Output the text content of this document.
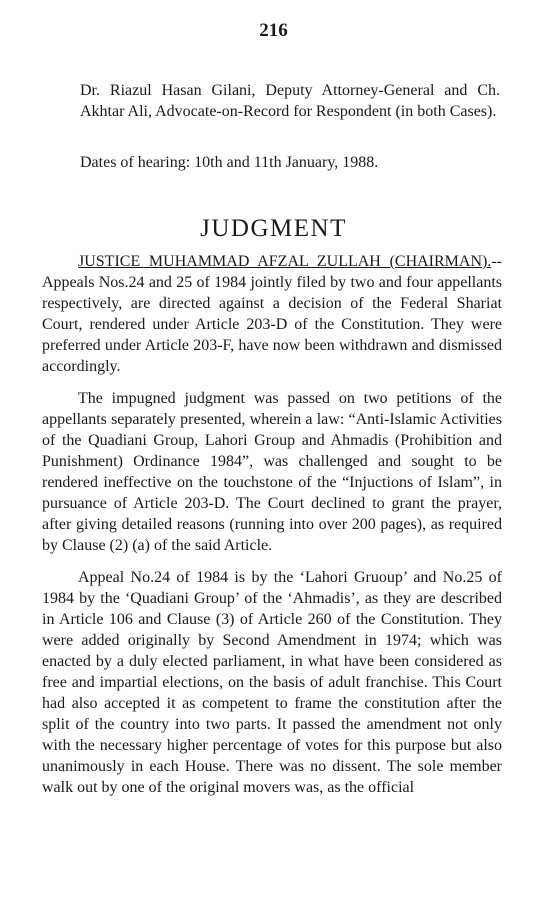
216

Dr. Riazul Hasan Gilani, Deputy Attorney-General and Ch. Akhtar Ali, Advocate-on-Record for Respondent (in both Cases).

Dates of hearing: 10th and 11th January, 1988.
JUDGMENT

JUSTICE MUHAMMAD AFZAL ZULLAH (CHAIRMAN).--Appeals Nos.24 and 25 of 1984 jointly filed by two and four appellants respectively, are directed against a decision of the Federal Shariat Court, rendered under Article 203-D of the Constitution. They were preferred under Article 203-F, have now been withdrawn and dismissed accordingly.

The impugned judgment was passed on two petitions of the appellants separately presented, wherein a law: “Anti-Islamic Activities of the Quadiani Group, Lahori Group and Ahmadis (Prohibition and Punishment) Ordinance 1984”, was challenged and sought to be rendered ineffective on the touchstone of the “Injuctions of Islam”, in pursuance of Article 203-D. The Court declined to grant the prayer, after giving detailed reasons (running into over 200 pages), as required by Clause (2) (a) of the said Article.

Appeal No.24 of 1984 is by the ‘Lahori Gruoup’ and No.25 of 1984 by the ‘Quadiani Group’ of the ‘Ahmadis’, as they are described in Article 106 and Clause (3) of Article 260 of the Constitution. They were added originally by Second Amendment in 1974; which was enacted by a duly elected parliament, in what have been considered as free and impartial elections, on the basis of adult franchise. This Court had also accepted it as competent to frame the constitution after the split of the country into two parts. It passed the amendment not only with the necessary higher percentage of votes for this purpose but also unanimously in each House. There was no dissent. The sole member walk out by one of the original movers was, as the official
